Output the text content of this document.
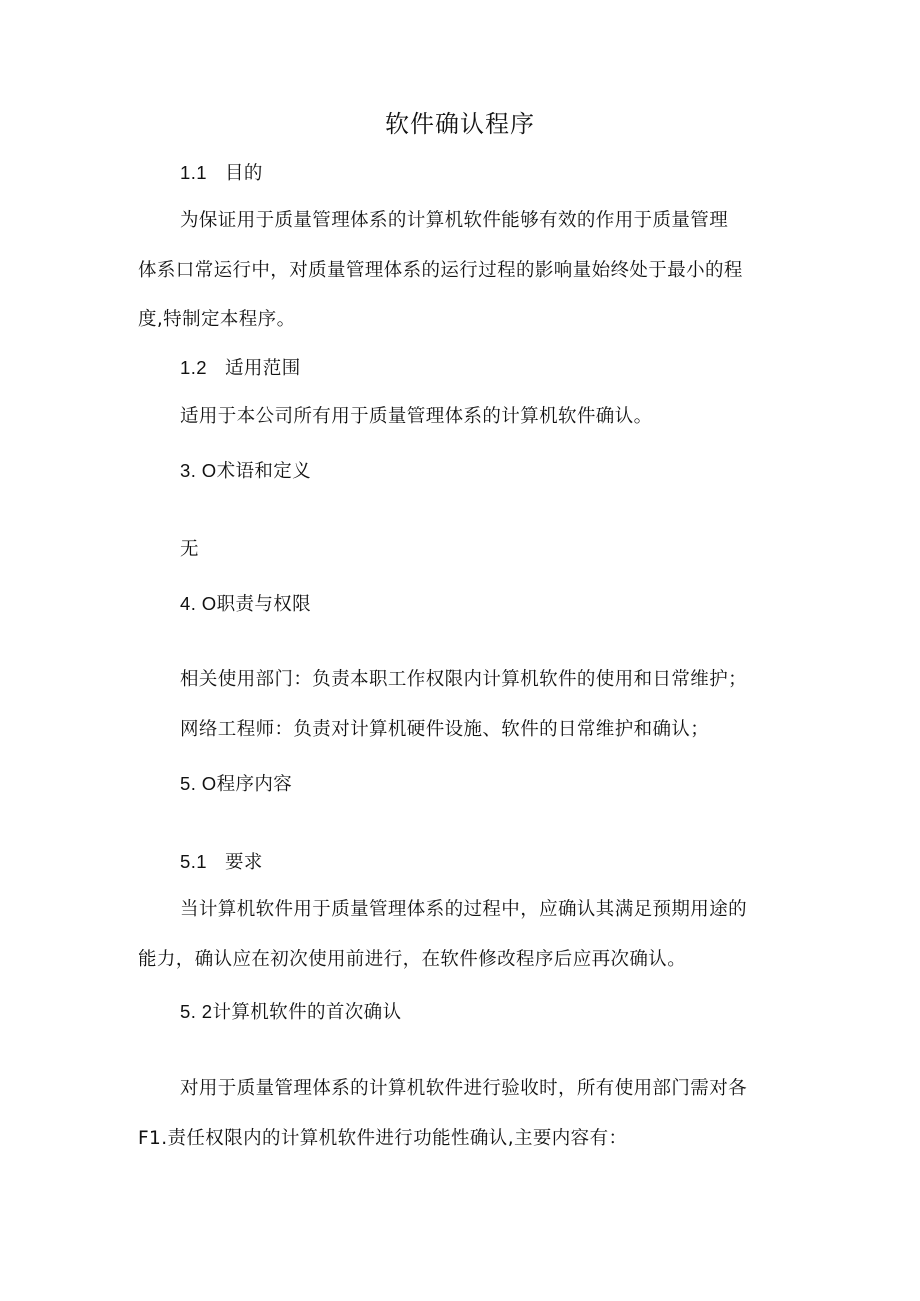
软件确认程序
1.1 目的
为保证用于质量管理体系的计算机软件能够有效的作用于质量管理
体系口常运行中，对质量管理体系的运行过程的影响量始终处于最小的程
度,特制定本程序。
1.2 适用范围
适用于本公司所有用于质量管理体系的计算机软件确认。
3. O术语和定义
无
4. O职责与权限
相关使用部门：负责本职工作权限内计算机软件的使用和日常维护；
网络工程师：负责对计算机硬件设施、软件的日常维护和确认；
5. O程序内容
5.1 要求
当计算机软件用于质量管理体系的过程中，应确认其满足预期用途的
能力，确认应在初次使用前进行，在软件修改程序后应再次确认。
5. 2计算机软件的首次确认
对用于质量管理体系的计算机软件进行验收时，所有使用部门需对各
F1.责任权限内的计算机软件进行功能性确认,主要内容有：
